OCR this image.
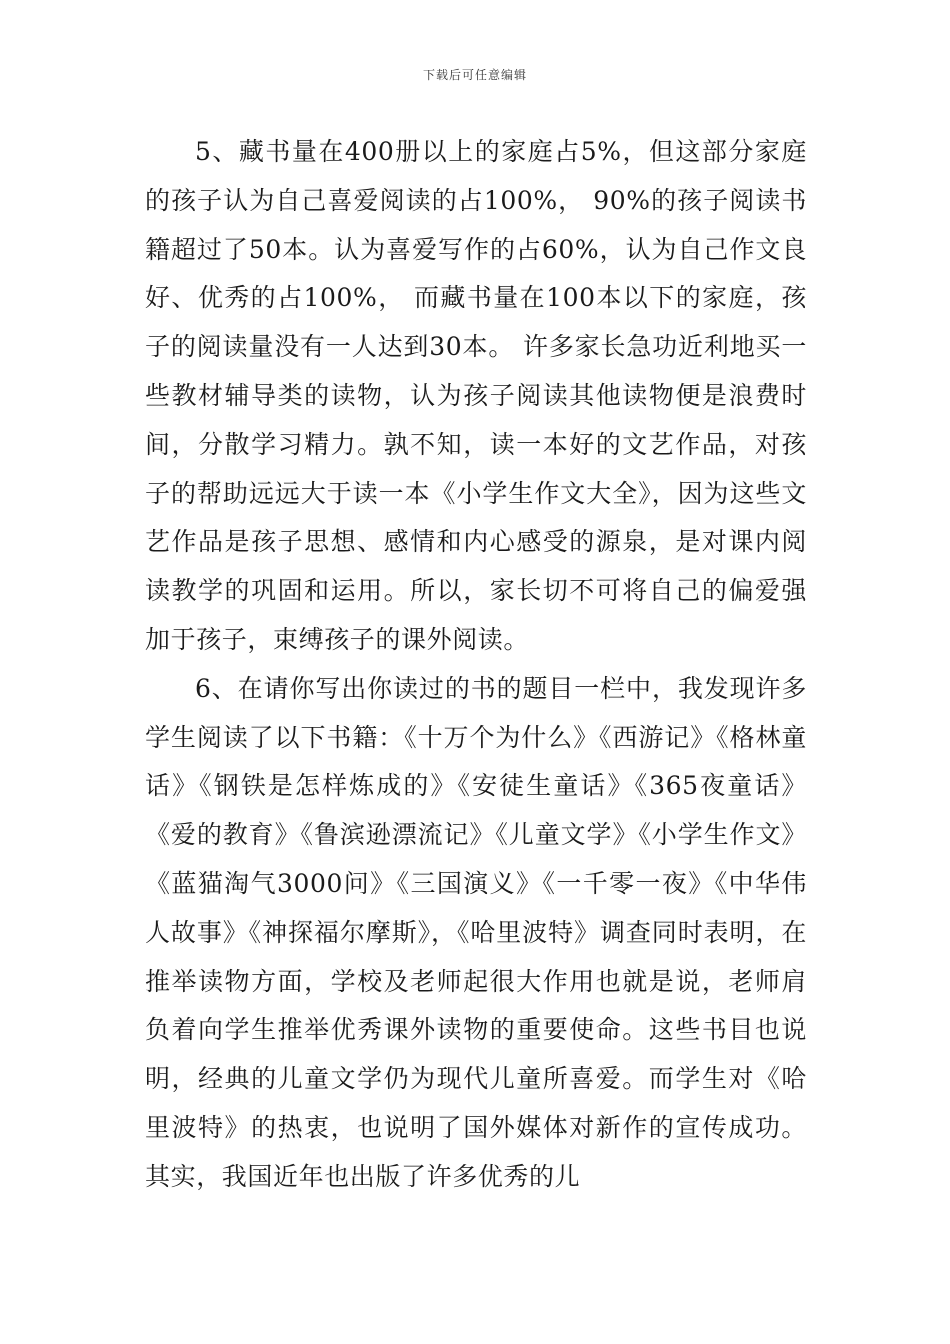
下载后可任意编辑

5、藏书量在400册以上的家庭占5%，但这部分家庭的孩子认为自己喜爱阅读的占100%， 90%的孩子阅读书籍超过了50本。认为喜爱写作的占60%，认为自己作文良好、优秀的占100%， 而藏书量在100本以下的家庭，孩子的阅读量没有一人达到30本。 许多家长急功近利地买一些教材辅导类的读物，认为孩子阅读其他读物便是浪费时间，分散学习精力。孰不知，读一本好的文艺作品，对孩子的帮助远远大于读一本《小学生作文大全》，因为这些文艺作品是孩子思想、感情和内心感受的源泉，是对课内阅读教学的巩固和运用。所以，家长切不可将自己的偏爱强加于孩子，束缚孩子的课外阅读。

6、在请你写出你读过的书的题目一栏中，我发现许多学生阅读了以下书籍：《十万个为什么》《西游记》《格林童话》《钢铁是怎样炼成的》《安徒生童话》《365夜童话》《爱的教育》《鲁滨逊漂流记》《儿童文学》《小学生作文》《蓝猫淘气3000问》《三国演义》《一千零一夜》《中华伟人故事》《神探福尔摩斯》，《哈里波特》调查同时表明，在推举读物方面，学校及老师起很大作用也就是说，老师肩负着向学生推举优秀课外读物的重要使命。这些书目也说明，经典的儿童文学仍为现代儿童所喜爱。而学生对《哈里波特》的热衷，也说明了国外媒体对新作的宣传成功。其实，我国近年也出版了许多优秀的儿
